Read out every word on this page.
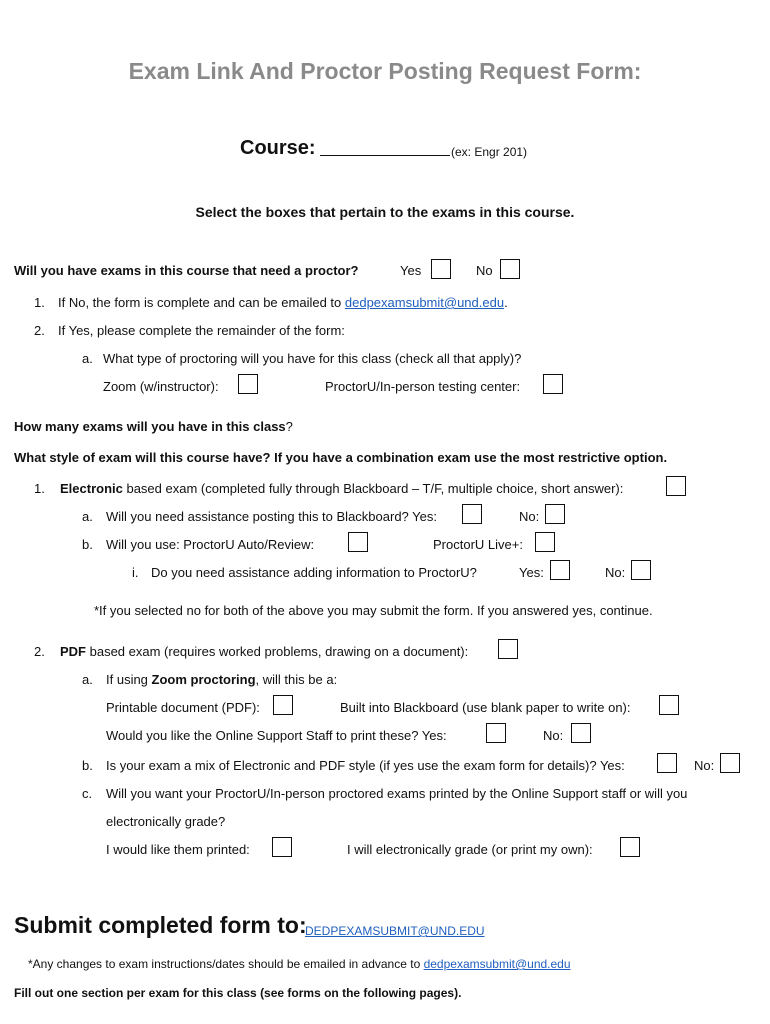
Exam Link And Proctor Posting Request Form:
Course:	(ex: Engr 201)
Select the boxes that pertain to the exams in this course.
Will you have exams in this course that need a proctor?	Yes	No
1. If No, the form is complete and can be emailed to dedpexamsubmit@und.edu.
2. If Yes, please complete the remainder of the form:
a. What type of proctoring will you have for this class (check all that apply)?
Zoom (w/instructor):	ProctorU/In-person testing center:
How many exams will you have in this class?
What style of exam will this course have? If you have a combination exam use the most restrictive option.
1. Electronic based exam (completed fully through Blackboard – T/F, multiple choice, short answer):
a. Will you need assistance posting this to Blackboard? Yes:	No:
b. Will you use: ProctorU Auto/Review:	ProctorU Live+:
i. Do you need assistance adding information to ProctorU?	Yes:	No:
*If you selected no for both of the above you may submit the form. If you answered yes, continue.
2. PDF based exam (requires worked problems, drawing on a document):
a. If using Zoom proctoring, will this be a:
Printable document (PDF):	Built into Blackboard (use blank paper to write on):
Would you like the Online Support Staff to print these? Yes:	No:
b. Is your exam a mix of Electronic and PDF style (if yes use the exam form for details)? Yes:	No:
c. Will you want your ProctorU/In-person proctored exams printed by the Online Support staff or will you
electronically grade?
I would like them printed:	I will electronically grade (or print my own):
Submit completed form to:
DEDPEXAMSUBMIT@UND.EDU
*Any changes to exam instructions/dates should be emailed in advance to dedpexamsubmit@und.edu
Fill out one section per exam for this class (see forms on the following pages).
